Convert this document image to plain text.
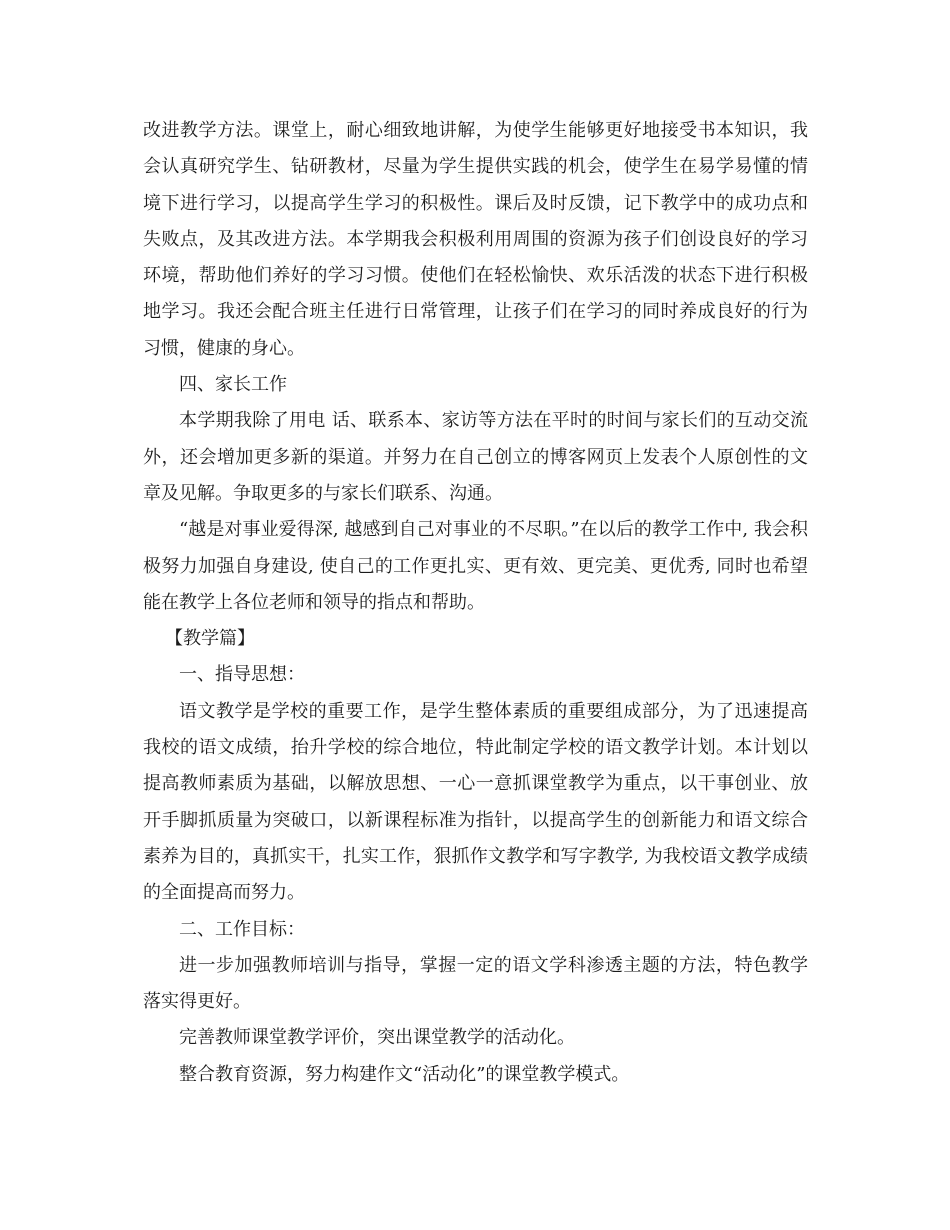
改进教学方法。课堂上，耐心细致地讲解，为使学生能够更好地接受书本知识，我会认真研究学生、钻研教材，尽量为学生提供实践的机会，使学生在易学易懂的情境下进行学习，以提高学生学习的积极性。课后及时反馈，记下教学中的成功点和失败点，及其改进方法。本学期我会积极利用周围的资源为孩子们创设良好的学习环境，帮助他们养好的学习习惯。使他们在轻松愉快、欢乐活泼的状态下进行积极地学习。我还会配合班主任进行日常管理，让孩子们在学习的同时养成良好的行为习惯，健康的身心。

四、家长工作

本学期我除了用电 话、联系本、家访等方法在平时的时间与家长们的互动交流外，还会增加更多新的渠道。并努力在自己创立的博客网页上发表个人原创性的文章及见解。争取更多的与家长们联系、沟通。

“越是对事业爱得深, 越感到自己对事业的不尽职。”在以后的教学工作中, 我会积极努力加强自身建设, 使自己的工作更扎实、更有效、更完美、更优秀, 同时也希望能在教学上各位老师和领导的指点和帮助。

【教学篇】

一、指导思想：

语文教学是学校的重要工作，是学生整体素质的重要组成部分，为了迅速提高我校的语文成绩，抬升学校的综合地位，特此制定学校的语文教学计划。本计划以提高教师素质为基础，以解放思想、一心一意抓课堂教学为重点，以干事创业、放开手脚抓质量为突破口，以新课程标准为指针，以提高学生的创新能力和语文综合素养为目的，真抓实干，扎实工作，狠抓作文教学和写字教学, 为我校语文教学成绩的全面提高而努力。

二、工作目标：

进一步加强教师培训与指导，掌握一定的语文学科渗透主题的方法，特色教学落实得更好。

完善教师课堂教学评价，突出课堂教学的活动化。

整合教育资源，努力构建作文“活动化”的课堂教学模式。
